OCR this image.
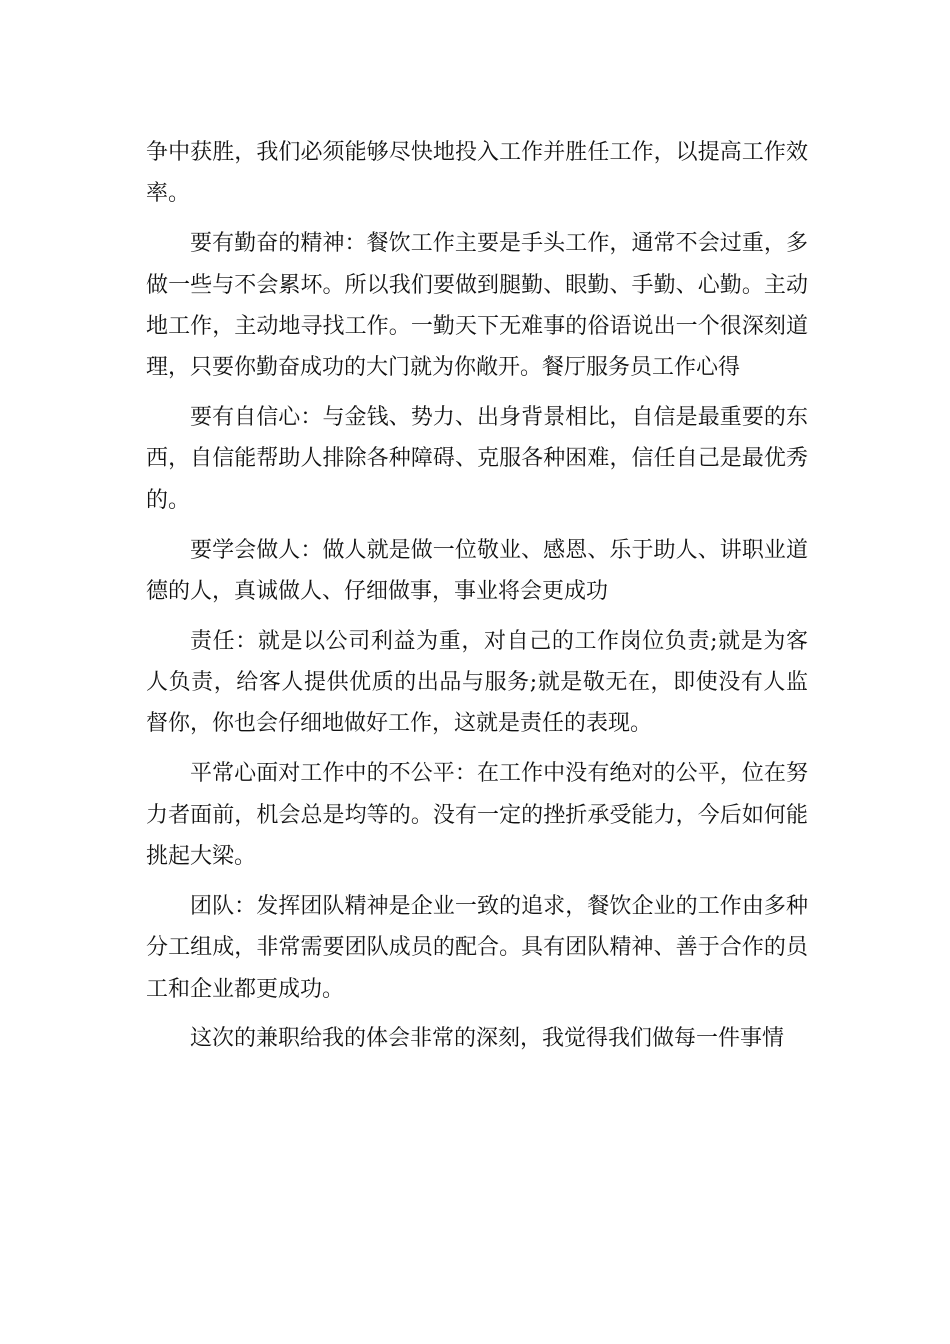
争中获胜，我们必须能够尽快地投入工作并胜任工作，以提高工作效率。

要有勤奋的精神：餐饮工作主要是手头工作，通常不会过重，多做一些与不会累坏。所以我们要做到腿勤、眼勤、手勤、心勤。主动地工作，主动地寻找工作。一勤天下无难事的俗语说出一个很深刻道理，只要你勤奋成功的大门就为你敞开。餐厅服务员工作心得

要有自信心：与金钱、势力、出身背景相比，自信是最重要的东西，自信能帮助人排除各种障碍、克服各种困难，信任自己是最优秀的。

要学会做人：做人就是做一位敬业、感恩、乐于助人、讲职业道德的人，真诚做人、仔细做事，事业将会更成功

责任：就是以公司利益为重，对自己的工作岗位负责;就是为客人负责，给客人提供优质的出品与服务;就是敬无在，即使没有人监督你，你也会仔细地做好工作，这就是责任的表现。

平常心面对工作中的不公平：在工作中没有绝对的公平，位在努力者面前，机会总是均等的。没有一定的挫折承受能力，今后如何能挑起大梁。

团队：发挥团队精神是企业一致的追求，餐饮企业的工作由多种分工组成，非常需要团队成员的配合。具有团队精神、善于合作的员工和企业都更成功。

这次的兼职给我的体会非常的深刻，我觉得我们做每一件事情
